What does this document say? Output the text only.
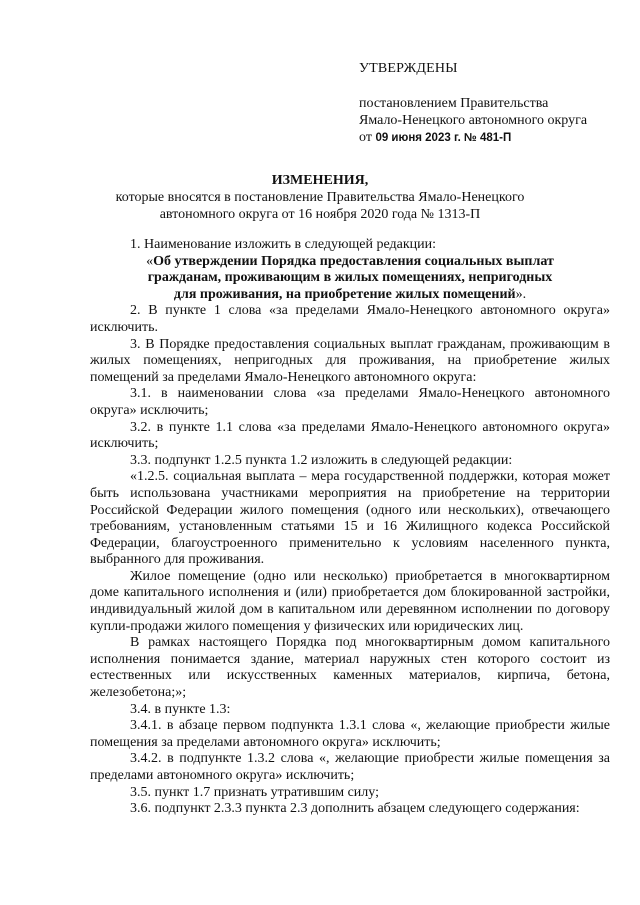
УТВЕРЖДЕНЫ
постановлением Правительства
Ямало-Ненецкого автономного округа
от 09 июня 2023 г. № 481-П
ИЗМЕНЕНИЯ,
которые вносятся в постановление Правительства Ямало-Ненецкого
автономного округа от 16 ноября 2020 года № 1313-П

1. Наименование изложить в следующей редакции:

«Об утверждении Порядка предоставления социальных выплат
гражданам, проживающим в жилых помещениях, непригодных
для проживания, на приобретение жилых помещений».

2. В пункте 1 слова «за пределами Ямало-Ненецкого автономного округа» исключить.

3. В Порядке предоставления социальных выплат гражданам, проживающим в жилых помещениях, непригодных для проживания, на приобретение жилых помещений за пределами Ямало-Ненецкого автономного округа:

3.1. в наименовании слова «за пределами Ямало-Ненецкого автономного округа» исключить;

3.2. в пункте 1.1 слова «за пределами Ямало-Ненецкого автономного округа» исключить;

3.3. подпункт 1.2.5 пункта 1.2 изложить в следующей редакции:

«1.2.5. социальная выплата – мера государственной поддержки, которая может быть использована участниками мероприятия на приобретение на территории Российской Федерации жилого помещения (одного или нескольких), отвечающего требованиям, установленным статьями 15 и 16 Жилищного кодекса Российской Федерации, благоустроенного применительно к условиям населенного пункта, выбранного для проживания.

Жилое помещение (одно или несколько) приобретается в многоквартирном доме капитального исполнения и (или) приобретается дом блокированной застройки, индивидуальный жилой дом в капитальном или деревянном исполнении по договору купли-продажи жилого помещения у физических или юридических лиц.

В рамках настоящего Порядка под многоквартирным домом капитального исполнения понимается здание, материал наружных стен которого состоит из естественных или искусственных каменных материалов, кирпича, бетона, железобетона;»;

3.4. в пункте 1.3:

3.4.1. в абзаце первом подпункта 1.3.1 слова «, желающие приобрести жилые помещения за пределами автономного округа» исключить;

3.4.2. в подпункте 1.3.2 слова «, желающие приобрести жилые помещения за пределами автономного округа» исключить;

3.5. пункт 1.7 признать утратившим силу;

3.6. подпункт 2.3.3 пункта 2.3 дополнить абзацем следующего содержания:
